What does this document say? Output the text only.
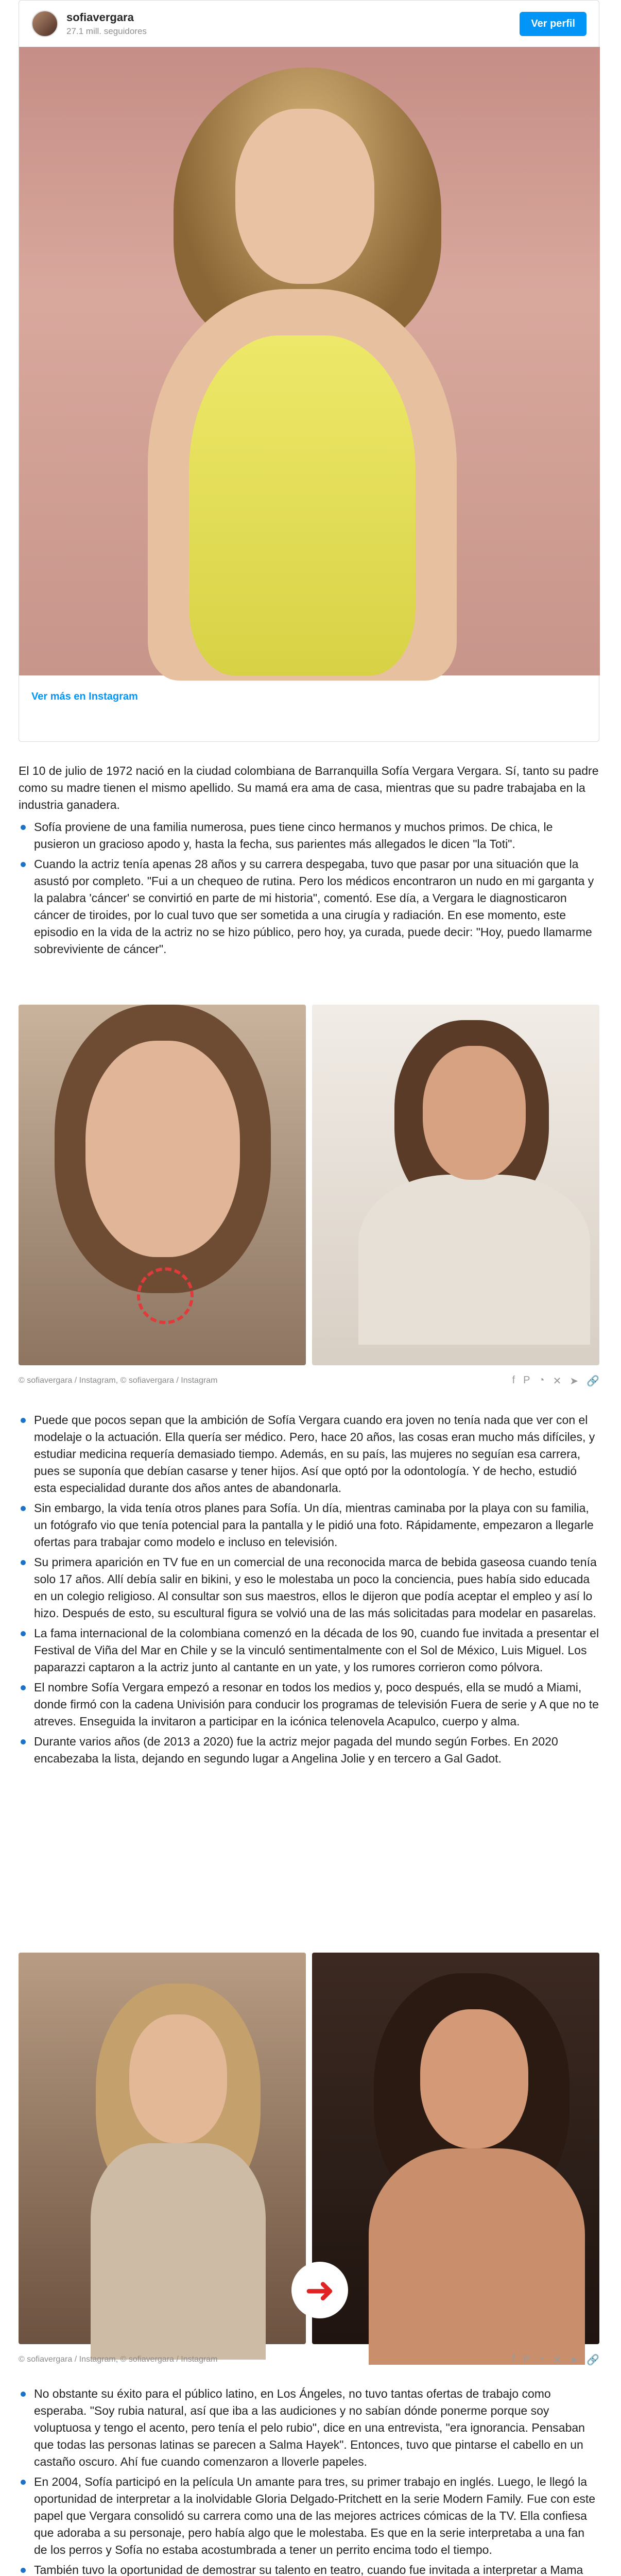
sofiavergara
27.1 mill. seguidores
Ver perfil
Ver más en Instagram

El 10 de julio de 1972 nació en la ciudad colombiana de Barranquilla Sofía Vergara Vergara. Sí, tanto su padre como su madre tienen el mismo apellido. Su mamá era ama de casa, mientras que su padre trabajaba en la industria ganadera.

Sofía proviene de una familia numerosa, pues tiene cinco hermanos y muchos primos. De chica, le pusieron un gracioso apodo y, hasta la fecha, sus parientes más allegados le dicen "la Toti".
Cuando la actriz tenía apenas 28 años y su carrera despegaba, tuvo que pasar por una situación que la asustó por completo. "Fui a un chequeo de rutina. Pero los médicos encontraron un nudo en mi garganta y la palabra 'cáncer' se convirtió en parte de mi historia", comentó. Ese día, a Vergara le diagnosticaron cáncer de tiroides, por lo cual tuvo que ser sometida a una cirugía y radiación. En ese momento, este episodio en la vida de la actriz no se hizo público, pero hoy, ya curada, puede decir: "Hoy, puedo llamarme sobreviviente de cáncer".
© sofiavergara / Instagram, © sofiavergara / Instagram	f P ◔ ✕ ➤ 🔗
Puede que pocos sepan que la ambición de Sofía Vergara cuando era joven no tenía nada que ver con el modelaje o la actuación. Ella quería ser médico. Pero, hace 20 años, las cosas eran mucho más difíciles, y estudiar medicina requería demasiado tiempo. Además, en su país, las mujeres no seguían esa carrera, pues se suponía que debían casarse y tener hijos. Así que optó por la odontología. Y de hecho, estudió esta especialidad durante dos años antes de abandonarla.
Sin embargo, la vida tenía otros planes para Sofía. Un día, mientras caminaba por la playa con su familia, un fotógrafo vio que tenía potencial para la pantalla y le pidió una foto. Rápidamente, empezaron a llegarle ofertas para trabajar como modelo e incluso en televisión.
Su primera aparición en TV fue en un comercial de una reconocida marca de bebida gaseosa cuando tenía solo 17 años. Allí debía salir en bikini, y eso le molestaba un poco la conciencia, pues había sido educada en un colegio religioso. Al consultar son sus maestros, ellos le dijeron que podía aceptar el empleo y así lo hizo. Después de esto, su escultural figura se volvió una de las más solicitadas para modelar en pasarelas.
La fama internacional de la colombiana comenzó en la década de los 90, cuando fue invitada a presentar el Festival de Viña del Mar en Chile y se la vinculó sentimentalmente con el Sol de México, Luis Miguel. Los paparazzi captaron a la actriz junto al cantante en un yate, y los rumores corrieron como pólvora.
El nombre Sofía Vergara empezó a resonar en todos los medios y, poco después, ella se mudó a Miami, donde firmó con la cadena Univisión para conducir los programas de televisión Fuera de serie y A que no te atreves. Enseguida la invitaron a participar en la icónica telenovela Acapulco, cuerpo y alma.
Durante varios años (de 2013 a 2020) fue la actriz mejor pagada del mundo según Forbes. En 2020 encabezaba la lista, dejando en segundo lugar a Angelina Jolie y en tercero a Gal Gadot.
➜
© sofiavergara / Instagram, © sofiavergara / Instagram	f P ◔ ✕ ➤ 🔗
No obstante su éxito para el público latino, en Los Ángeles, no tuvo tantas ofertas de trabajo como esperaba. "Soy rubia natural, así que iba a las audiciones y no sabían dónde ponerme porque soy voluptuosa y tengo el acento, pero tenía el pelo rubio", dice en una entrevista, "era ignorancia. Pensaban que todas las personas latinas se parecen a Salma Hayek". Entonces, tuvo que pintarse el cabello en un castaño oscuro. Ahí fue cuando comenzaron a lloverle papeles.
En 2004, Sofía participó en la película Un amante para tres, su primer trabajo en inglés. Luego, le llegó la oportunidad de interpretar a la inolvidable Gloria Delgado-Pritchett en la serie Modern Family. Fue con este papel que Vergara consolidó su carrera como una de las mejores actrices cómicas de la TV. Ella confiesa que adoraba a su personaje, pero había algo que le molestaba. Es que en la serie interpretaba a una fan de los perros y Sofía no estaba acostumbrada a tener un perrito encima todo el tiempo.
También tuvo la oportunidad de demostrar su talento en teatro, cuando fue invitada a interpretar a Mama
